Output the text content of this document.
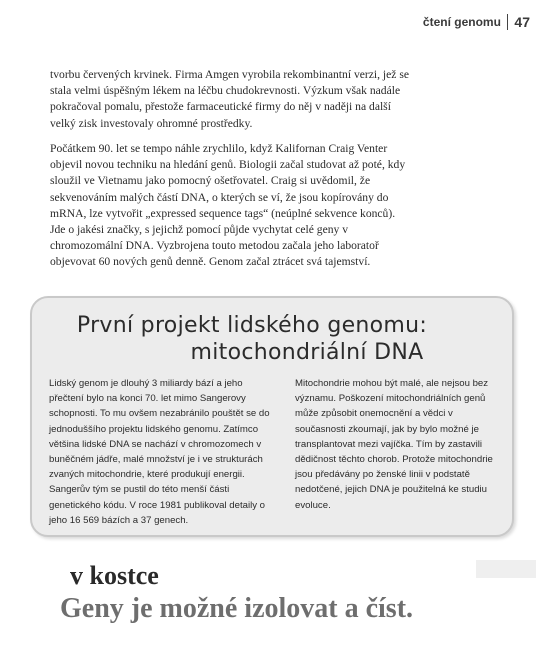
čtení genomu 47

tvorbu červených krvinek. Firma Amgen vyrobila rekombinantní verzi, jež se stala velmi úspěšným lékem na léčbu chudokrevnosti. Výzkum však nadále pokračoval pomalu, přestože farmaceutické firmy do něj v naději na další velký zisk investovaly ohromné prostředky.

Počátkem 90. let se tempo náhle zrychlilo, když Kalifornan Craig Venter objevil novou techniku na hledání genů. Biologii začal studovat až poté, kdy sloužil ve Vietnamu jako pomocný ošetřovatel. Craig si uvědomil, že sekvenováním malých částí DNA, o kterých se ví, že jsou kopírovány do mRNA, lze vytvořit „expressed sequence tags“ (neúplné sekvence konců). Jde o jakési značky, s jejichž pomocí půjde vychytat celé geny v chromozomální DNA. Vyzbrojena touto metodou začala jeho laboratoř objevovat 60 nových genů denně. Genom začal ztrácet svá tajemství.

První projekt lidského genomu:
mitochondriální DNA
Lidský genom je dlouhý 3 miliardy bází a jeho přečtení bylo na konci 70. let mimo Sangerovy schopnosti. To mu ovšem nezabránilo pouštět se do jednoduššího projektu lidského genomu. Zatímco většina lidské DNA se nachází v chromozomech v buněčném jádře, malé množství je i ve strukturách zvaných mitochondrie, které produkují energii. Sangerův tým se pustil do této menší části genetického kódu. V roce 1981 publikoval detaily o jeho 16 569 bázích a 37 genech.
Mitochondrie mohou být malé, ale nejsou bez významu. Poškození mitochondriálních genů může způsobit onemocnění a vědci v současnosti zkoumají, jak by bylo možné je transplantovat mezi vajíčka. Tím by zastavili dědičnost těchto chorob. Protože mitochondrie jsou předávány po ženské linii v podstatě nedotčené, jejich DNA je použitelná ke studiu evoluce.
v kostce
Geny je možné izolovat a číst.
